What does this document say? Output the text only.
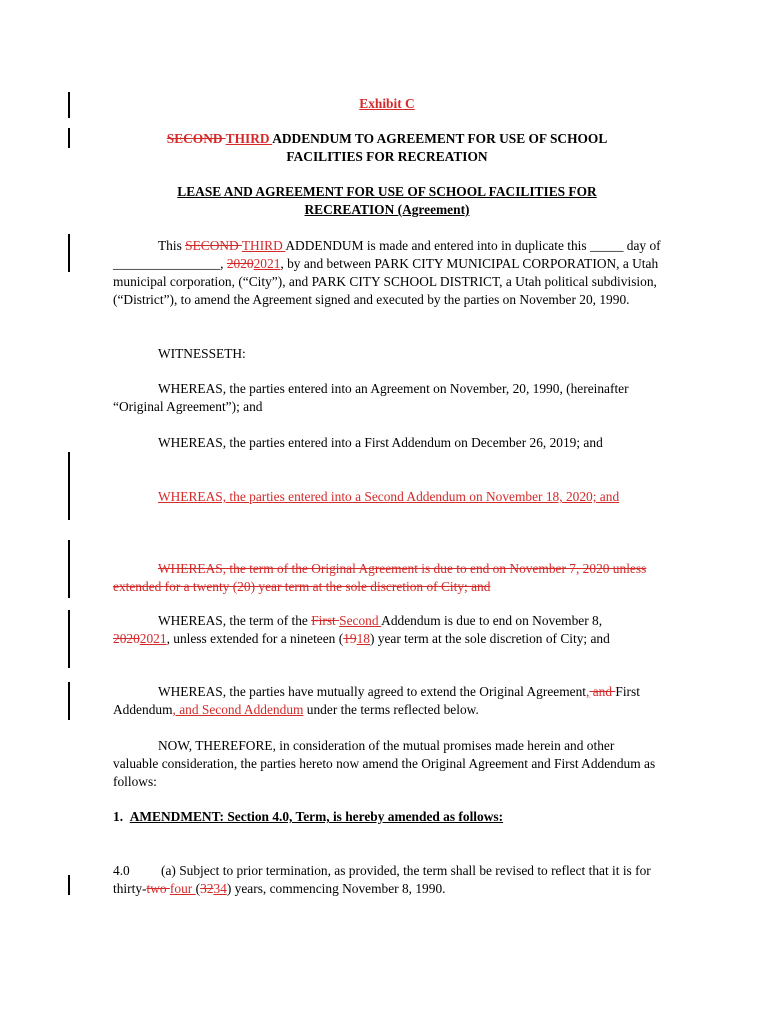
Exhibit C
SECOND THIRD ADDENDUM TO AGREEMENT FOR USE OF SCHOOL
FACILITIES FOR RECREATION
LEASE AND AGREEMENT FOR USE OF SCHOOL FACILITIES FOR
RECREATION (Agreement)
This SECOND THIRD ADDENDUM is made and entered into in duplicate this _____ day of ________________, 20202021, by and between PARK CITY MUNICIPAL CORPORATION, a Utah municipal corporation, (“City”), and PARK CITY SCHOOL DISTRICT, a Utah political subdivision, (“District”), to amend the Agreement signed and executed by the parties on November 20, 1990.
WITNESSETH:
WHEREAS, the parties entered into an Agreement on November, 20, 1990, (hereinafter “Original Agreement”); and
WHEREAS, the parties entered into a First Addendum on December 26, 2019; and
WHEREAS, the parties entered into a Second Addendum on November 18, 2020; and
WHEREAS, the term of the Original Agreement is due to end on November 7, 2020 unless extended for a twenty (20) year term at the sole discretion of City; and
WHEREAS, the term of the First Second Addendum is due to end on November 8, 20202021, unless extended for a nineteen (1918) year term at the sole discretion of City; and
WHEREAS, the parties have mutually agreed to extend the Original Agreement, and First Addendum, and Second Addendum under the terms reflected below.
NOW, THEREFORE, in consideration of the mutual promises made herein and other valuable consideration, the parties hereto now amend the Original Agreement and First Addendum as follows:
1. AMENDMENT: Section 4.0, Term, is hereby amended as follows:
4.0 (a) Subject to prior termination, as provided, the term shall be revised to reflect that it is for thirty-two four (3234) years, commencing November 8, 1990.
